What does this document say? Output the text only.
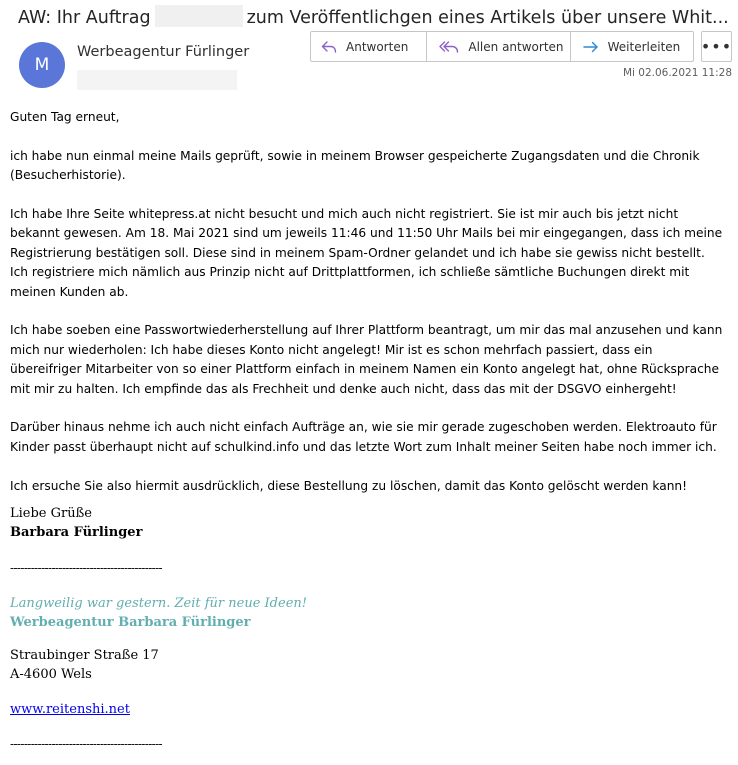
AW: Ihr Auftrag	zum Veröffentlichgen eines Artikels über unsere Whit...
M
Werbeagentur Fürlinger	Antworten	Allen antworten	Weiterleiten •••
Mi 02.06.2021 11:28

Guten Tag erneut,

ich habe nun einmal meine Mails geprüft, sowie in meinem Browser gespeicherte Zugangsdaten und die Chronik (Besucherhistorie).

Ich habe Ihre Seite whitepress.at nicht besucht und mich auch nicht registriert. Sie ist mir auch bis jetzt nicht bekannt gewesen. Am 18. Mai 2021 sind um jeweils 11:46 und 11:50 Uhr Mails bei mir eingegangen, dass ich meine Registrierung bestätigen soll. Diese sind in meinem Spam-Ordner gelandet und ich habe sie gewiss nicht bestellt. Ich registriere mich nämlich aus Prinzip nicht auf Drittplattformen, ich schließe sämtliche Buchungen direkt mit meinen Kunden ab.

Ich habe soeben eine Passwortwiederherstellung auf Ihrer Plattform beantragt, um mir das mal anzusehen und kann mich nur wiederholen: Ich habe dieses Konto nicht angelegt! Mir ist es schon mehrfach passiert, dass ein übereifriger Mitarbeiter von so einer Plattform einfach in meinem Namen ein Konto angelegt hat, ohne Rücksprache mit mir zu halten. Ich empfinde das als Frechheit und denke auch nicht, dass das mit der DSGVO einhergeht!

Darüber hinaus nehme ich auch nicht einfach Aufträge an, wie sie mir gerade zugeschoben werden. Elektroauto für Kinder passt überhaupt nicht auf schulkind.info und das letzte Wort zum Inhalt meiner Seiten habe noch immer ich.

Ich ersuche Sie also hiermit ausdrücklich, diese Bestellung zu löschen, damit das Konto gelöscht werden kann!

Liebe Grüße
Barbara Fürlinger
--------------------------------------------
Langweilig war gestern. Zeit für neue Ideen!
Werbeagentur Barbara Fürlinger
Straubinger Straße 17
A-4600 Wels
www.reitenshi.net
--------------------------------------------
